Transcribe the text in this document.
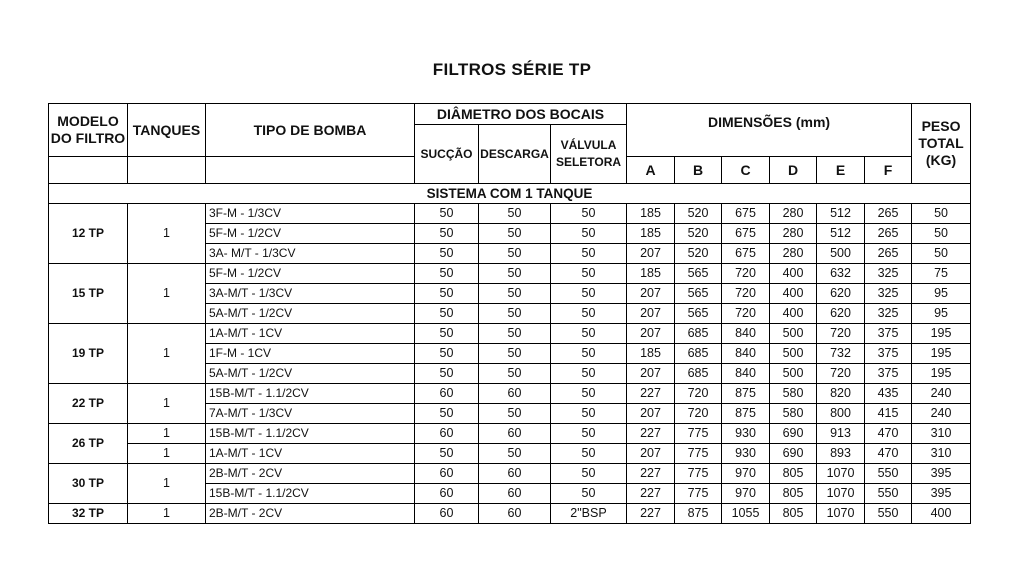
FILTROS SÉRIE TP
MODELO DO FILTRO	TANQUES	TIPO DE BOMBA	DIÂMETRO DOS BOCAIS			DIMENSÕES (mm)						PESO TOTAL (KG)
			SUCÇÃO	DESCARGA	VÁLVULA SELETORA							
						A	B	C	D	E	F	
SISTEMA COM 1 TANQUE												
12 TP	1	3F-M - 1/3CV	50	50	50	185	520	675	280	512	265	50
		5F-M - 1/2CV	50	50	50	185	520	675	280	512	265	50
		3A- M/T - 1/3CV	50	50	50	207	520	675	280	500	265	50
15 TP	1	5F-M - 1/2CV	50	50	50	185	565	720	400	632	325	75
		3A-M/T - 1/3CV	50	50	50	207	565	720	400	620	325	95
		5A-M/T - 1/2CV	50	50	50	207	565	720	400	620	325	95
19 TP	1	1A-M/T - 1CV	50	50	50	207	685	840	500	720	375	195
		1F-M - 1CV	50	50	50	185	685	840	500	732	375	195
		5A-M/T - 1/2CV	50	50	50	207	685	840	500	720	375	195
22 TP	1	15B-M/T - 1.1/2CV	60	60	50	227	720	875	580	820	435	240
		7A-M/T - 1/3CV	50	50	50	207	720	875	580	800	415	240
26 TP	1	15B-M/T - 1.1/2CV	60	60	50	227	775	930	690	913	470	310
	1	1A-M/T - 1CV	50	50	50	207	775	930	690	893	470	310
30 TP	1	2B-M/T - 2CV	60	60	50	227	775	970	805	1070	550	395
		15B-M/T - 1.1/2CV	60	60	50	227	775	970	805	1070	550	395
32 TP	1	2B-M/T - 2CV	60	60	2"BSP	227	875	1055	805	1070	550	400
